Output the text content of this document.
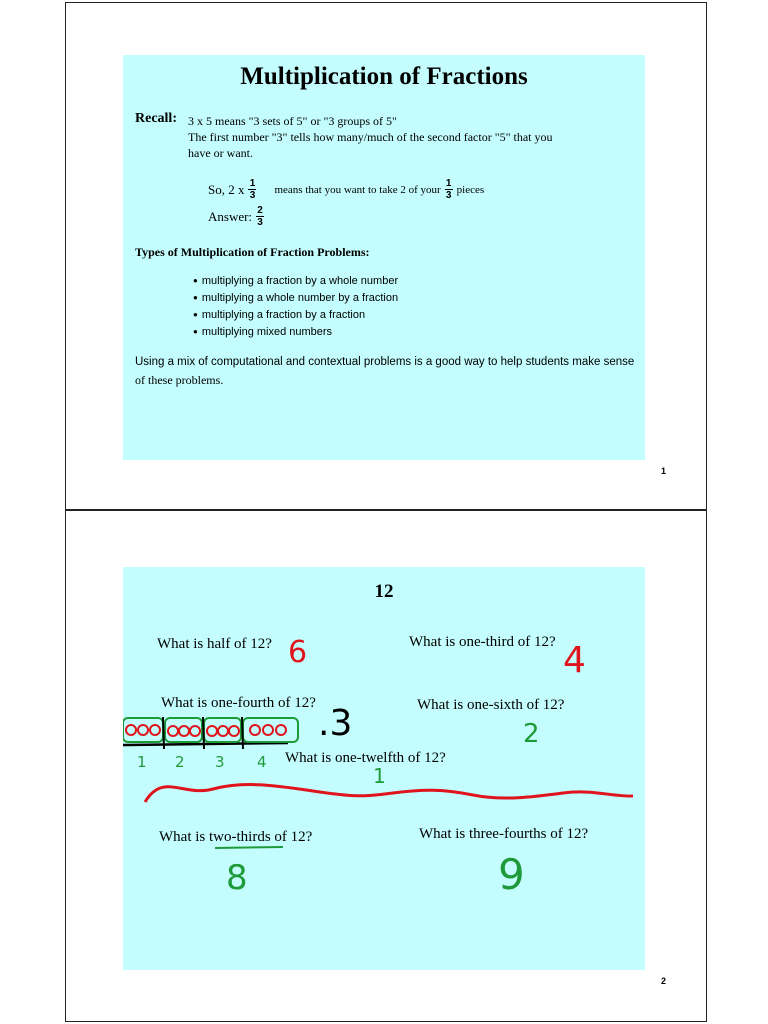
Multiplication of Fractions
Recall: 3 x 5 means "3 sets of 5" or "3 groups of 5"
The first number "3" tells how many/much of the second factor "5" that you
have or want.
So, 2 x $\frac{1}{3}$ means that you want to take 2 of your $\frac{1}{3}$ pieces
Answer: $\frac{2}{3}$
Types of Multiplication of Fraction Problems:
● multiplying a fraction by a whole number
● multiplying a whole number by a fraction
● multiplying a fraction by a fraction
● multiplying mixed numbers
Using a mix of computational and contextual problems is a good way to help students make sense
of these problems.
1
12
What is half of 12?	What is one-third of 12?
What is one-fourth of 12?	What is one-sixth of 12?
What is one-twelfth of 12?
What is two-thirds of 12?	What is three-fourths of 12?
6	4
.3	2
1
8	9
1 2 3 4
2
